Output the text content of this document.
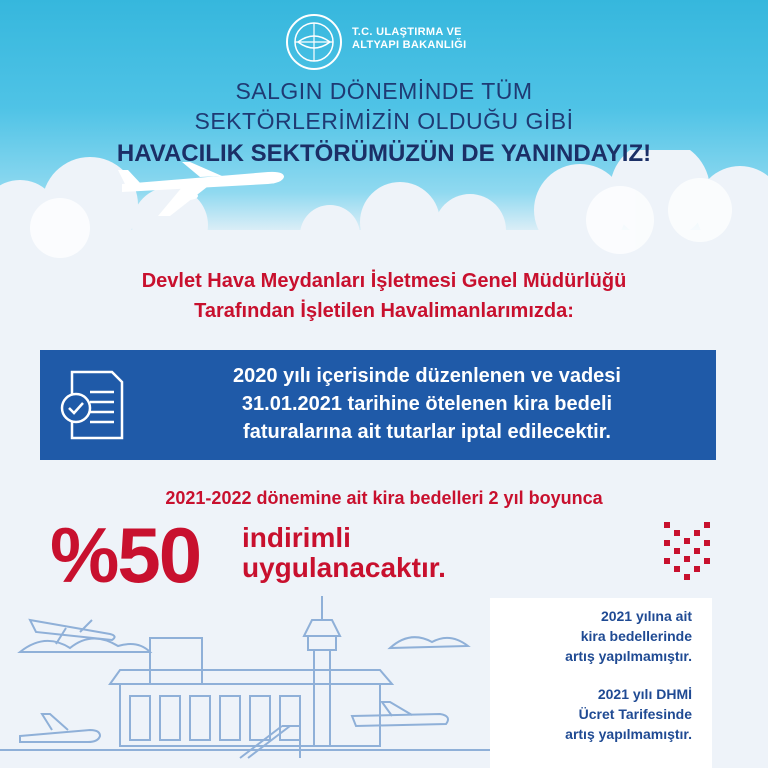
T.C. ULAŞTIRMA VE
ALTYAPI BAKANLIĞI
SALGIN DÖNEMİNDE TÜM
SEKTÖRLERİMİZİN OLDUĞU GİBİ
HAVACILIK SEKTÖRÜMÜZÜN DE YANINDAYIZ!
Devlet Hava Meydanları İşletmesi Genel Müdürlüğü
Tarafından İşletilen Havalimanlarımızda:
2020 yılı içerisinde düzenlenen ve vadesi
31.01.2021 tarihine ötelenen kira bedeli
faturalarına ait tutarlar iptal edilecektir.
2021-2022 dönemine ait kira bedelleri 2 yıl boyunca
%50 indirimli
uygulanacaktır.
2021 yılına ait
kira bedellerinde
artış yapılmamıştır.
2021 yılı DHMİ
Ücret Tarifesinde
artış yapılmamıştır.
